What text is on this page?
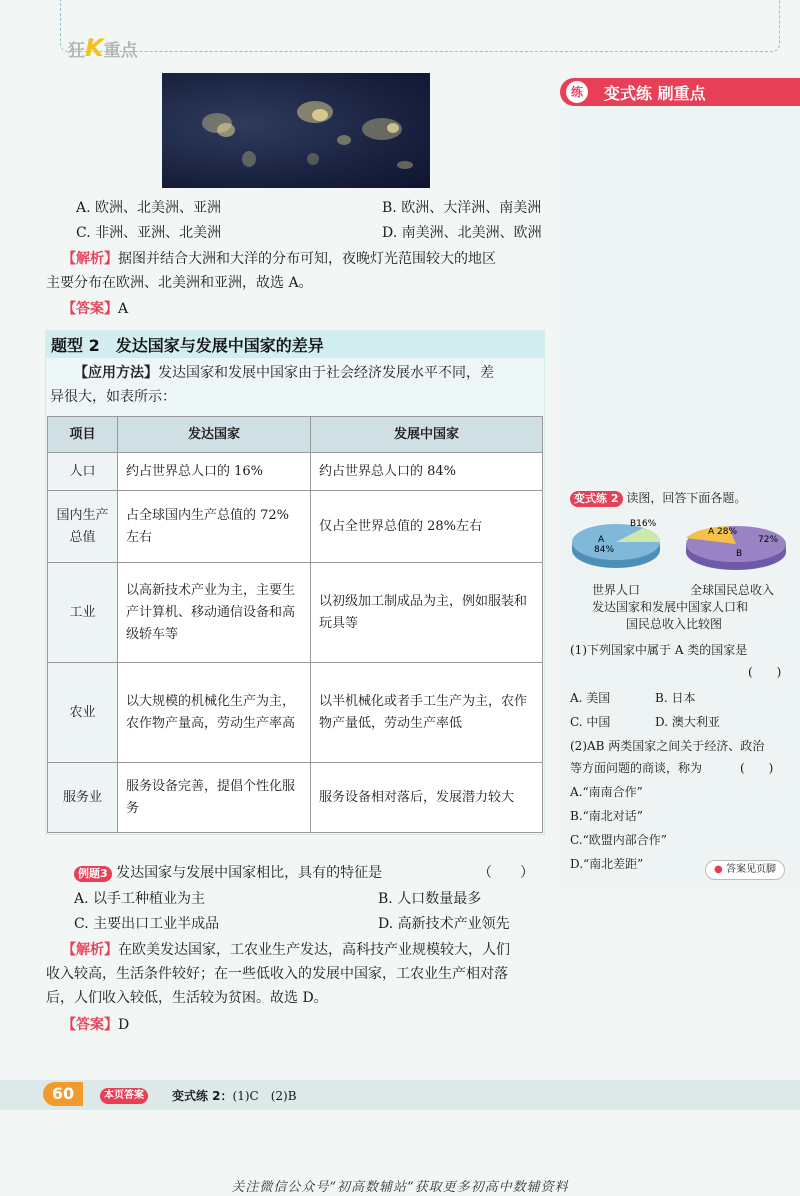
狂K重点
练	变式练 刷重点
A. 欧洲、北美洲、亚洲	B. 欧洲、大洋洲、南美洲
C. 非洲、亚洲、北美洲	D. 南美洲、北美洲、欧洲
【解析】据图并结合大洲和大洋的分布可知，夜晚灯光范围较大的地区
主要分布在欧洲、北美洲和亚洲，故选 A。
【答案】A
题型 2　发达国家与发展中国家的差异
【应用方法】发达国家和发展中国家由于社会经济发展水平不同，差
异很大，如表所示：
项目	发达国家	发展中国家
人口	约占世界总人口的 16%	约占世界总人口的 84%
国内生产总值	占全球国内生产总值的 72%左右	仅占全世界总值的 28%左右
工业	以高新技术产业为主，主要生产计算机、移动通信设备和高级轿车等	以初级加工制成品为主，例如服装和玩具等
农业	以大规模的机械化生产为主，农作物产量高，劳动生产率高	以半机械化或者手工生产为主，农作物产量低，劳动生产率低
服务业	服务设备完善，提倡个性化服务	服务设备相对落后，发展潜力较大
例题3 发达国家与发展中国家相比，具有的特征是	（　　）
A. 以手工种植业为主	B. 人口数量最多
C. 主要出口工业半成品	D. 高新技术产业领先
【解析】在欧美发达国家，工农业生产发达，高科技产业规模较大，人们
收入较高，生活条件较好；在一些低收入的发展中国家，工农业生产相对落
后，人们收入较低，生活较为贫困。故选 D。
【答案】D
变式练 2 读图，回答下面各题。
A
84%
B16%
A 28%
72%
B
世界人口	全球国民总收入
发达国家和发展中国家人口和
国民总收入比较图
(1)下列国家中属于 A 类的国家是
(　　)
A. 美国	B. 日本
C. 中国	D. 澳大利亚
(2)AB 两类国家之间关于经济、政治
等方面问题的商谈，称为	(　　)
A.“南南合作”
B.“南北对话”
C.“欧盟内部合作”
D.“南北差距”	● 答案见页脚
60	本页答案	变式练 2：(1)C　(2)B
关注微信公众号“初高数辅站”获取更多初高中数辅资料
